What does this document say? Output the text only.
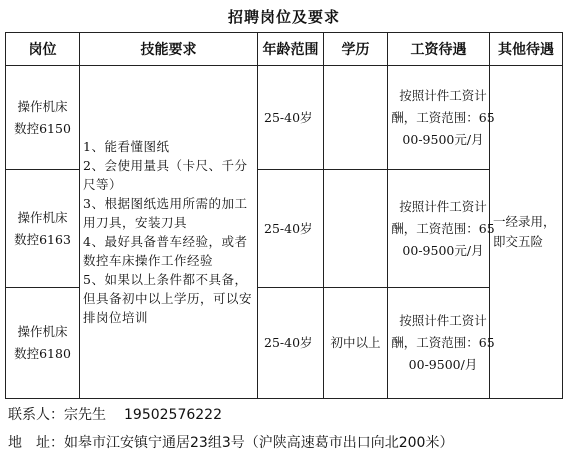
招聘岗位及要求
岗位	技能要求	年龄范围	学历	工资待遇	其他待遇
操作机床数控6150	1、能看懂图纸
2、会使用量具（卡尺、千分尺等）
3、根据图纸选用所需的加工用刀具，安装刀具
4、最好具备普车经验，或者数控车床操作工作经验
5、如果以上条件都不具备，但具备初中以上学历，可以安排岗位培训	25-40岁		按照计件工资计酬，工资范围：6500-9500元/月	一经录用，即交五险
操作机床数控6163		25-40岁		按照计件工资计酬，工资范围：6500-9500元/月	
操作机床数控6180		25-40岁	初中以上	按照计件工资计酬，工资范围：6500-9500/月	
联系人：宗先生 19502576222
地　址：如皋市江安镇宁通居23组3号（沪陕高速葛市出口向北200米）
